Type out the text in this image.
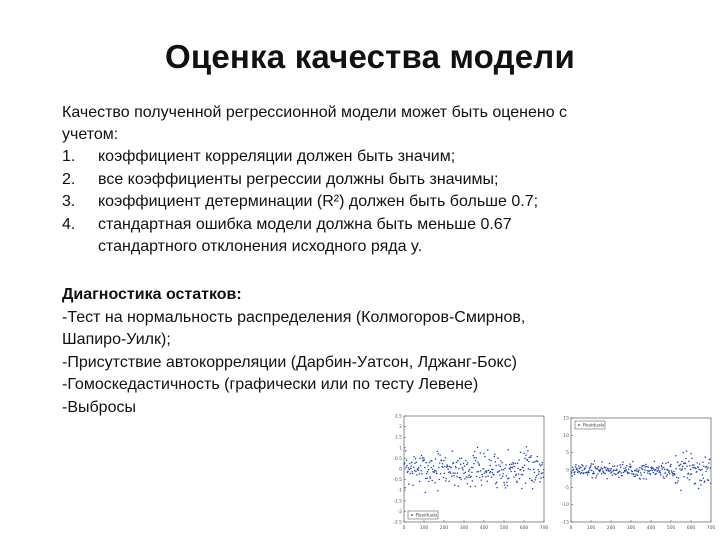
Оценка качества модели
Качество полученной регрессионной модели может быть оценено с
учетом:
1. коэффициент корреляции должен быть значим;
2. все коэффициенты регрессии должны быть значимы;
3. коэффициент детерминации (R²) должен быть больше 0.7;
4. стандартная ошибка модели должна быть меньше 0.67
стандартного отклонения исходного ряда y.
Диагностика остатков:
-Тест на нормальность распределения (Колмогоров-Смирнов,
Шапиро-Уилк);
-Присутствие автокорреляции (Дарбин-Уатсон, Лджанг-Бокс)
-Гомоскедастичность (графически или по тесту Левене)
-Выбросы
2.5
2
1.5
1
0.5
0
-0.5
-1
-1.5
-2
-2.5
0	100	200	300	400	500	600	700
Residuals
15
10
5
0
-5
-10
-15
0	100	200	300	400	500	600	700
Residuals
